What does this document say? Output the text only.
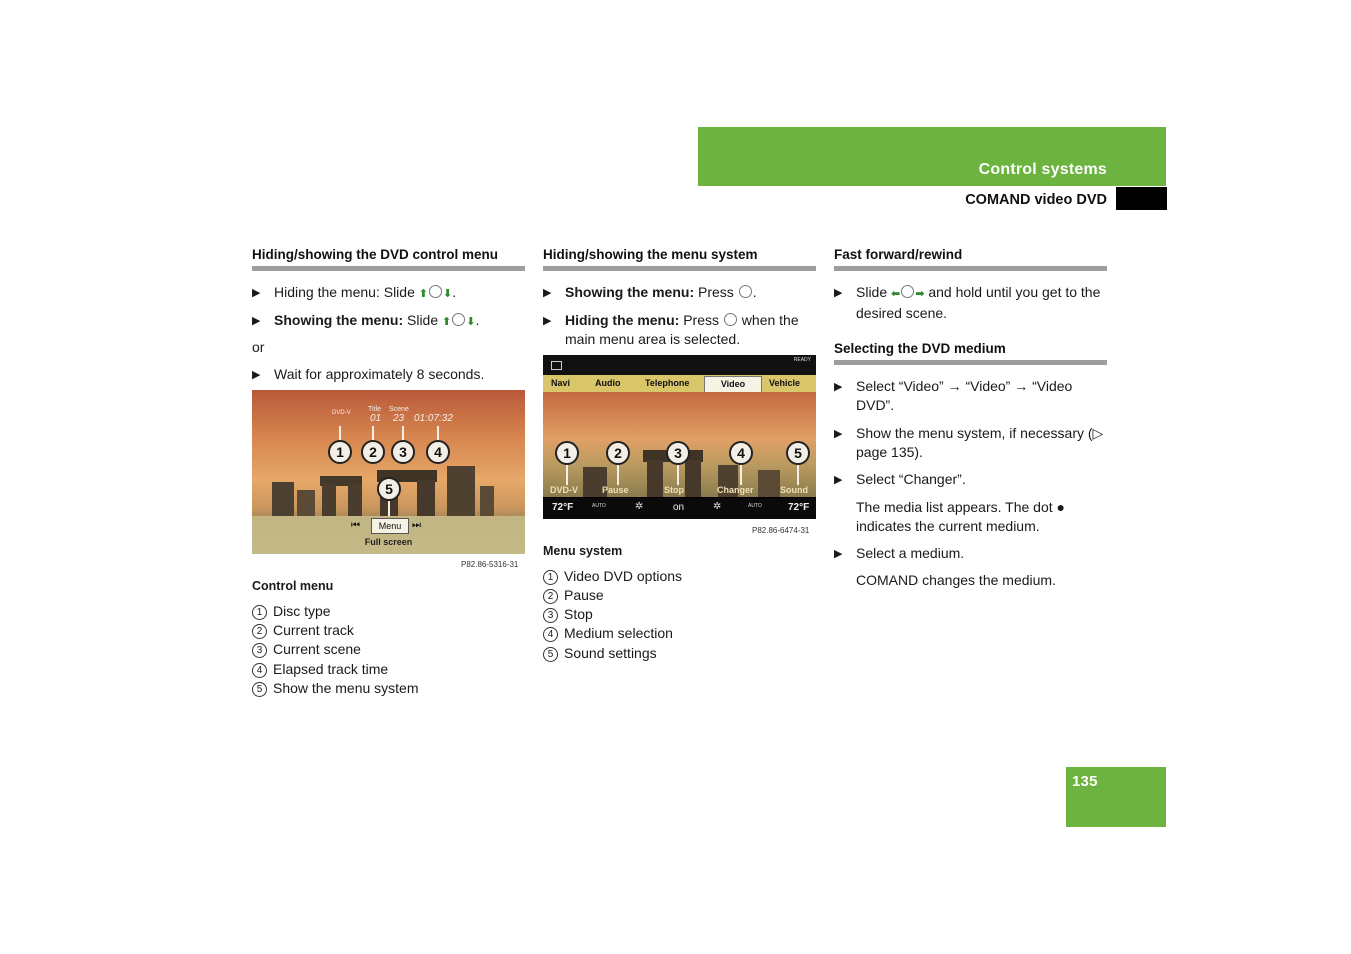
Control systems
COMAND video DVD
135
Hiding/showing the DVD control menu
▶ Hiding the menu: Slide ⬆ ⬇.
▶ Showing the menu: Slide ⬆ ⬇.
or
▶ Wait for approximately 8 seconds.
DVD-V Title Scene
01 23 01:07:32
1	2	3	4
5
⏮	Menu	⏭
Full screen
P82.86-5316-31
Control menu
1 Disc type
2 Current track
3 Current scene
4 Elapsed track time
5 Show the menu system
Hiding/showing the menu system
▶ Showing the menu: Press .
▶ Hiding the menu: Press when the main menu area is selected.
READY
Navi	Audio	Telephone	Video	Vehicle
1	2	3	4	5
DVD-V	Pause	Stop	Changer	Sound
72°F	AUTO	✲	on	✲	AUTO	72°F
P82.86-6474-31
Menu system
1 Video DVD options
2 Pause
3 Stop
4 Medium selection
5 Sound settings
Fast forward/rewind
▶ Slide ⬅ ➡ and hold until you get to the desired scene.
Selecting the DVD medium
▶ Select “Video” → “Video” → “Video DVD”.
▶ Show the menu system, if necessary (▷ page 135).
▶ Select “Changer”.
The media list appears. The dot ● indicates the current medium.
▶ Select a medium.
COMAND changes the medium.
